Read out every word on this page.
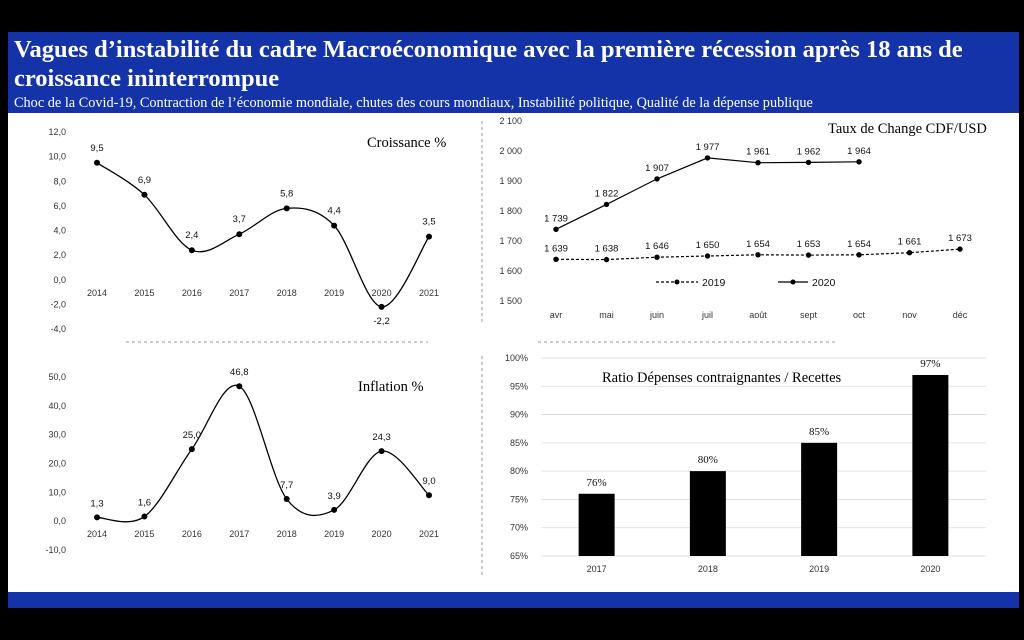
Vagues d’instabilité du cadre Macroéconomique avec la première récession après 18 ans de croissance ininterrompue

Choc de la Covid-19, Contraction de l’économie mondiale, chutes des cours mondiaux, Instabilité politique, Qualité de la dépense publique

12,0
10,0
8,0
6,0
4,0
2,0
0,0
-2,0
-4,0
2014	2015	2016	2017	2018	2019	2020	2021
9,5
6,9
2,4
3,7
5,8
4,4
-2,2
3,5
Croissance %
2 100
2 000
1 900
1 800
1 700
1 600
1 500
avr	mai	juin	juil	août	sept	oct	nov	déc
1 639	1 638	1 646	1 650	1 654	1 653	1 654	1 661	1 673
1 739
1 822
1 907
1 977	1 961	1 962	1 964
Taux de Change CDF/USD
2019	2020
50,0
40,0
30,0
20,0
10,0
0,0
-10,0
2014	2015	2016	2017	2018	2019	2020	2021
1,3	1,6
25,0
46,8
7,7
3,9
24,3
9,0
Inflation %
100%
95%
90%
85%
80%
75%
70%
65%
2017	2018	2019	2020
76%
80%
85%
97%
Ratio Dépenses contraignantes / Recettes
